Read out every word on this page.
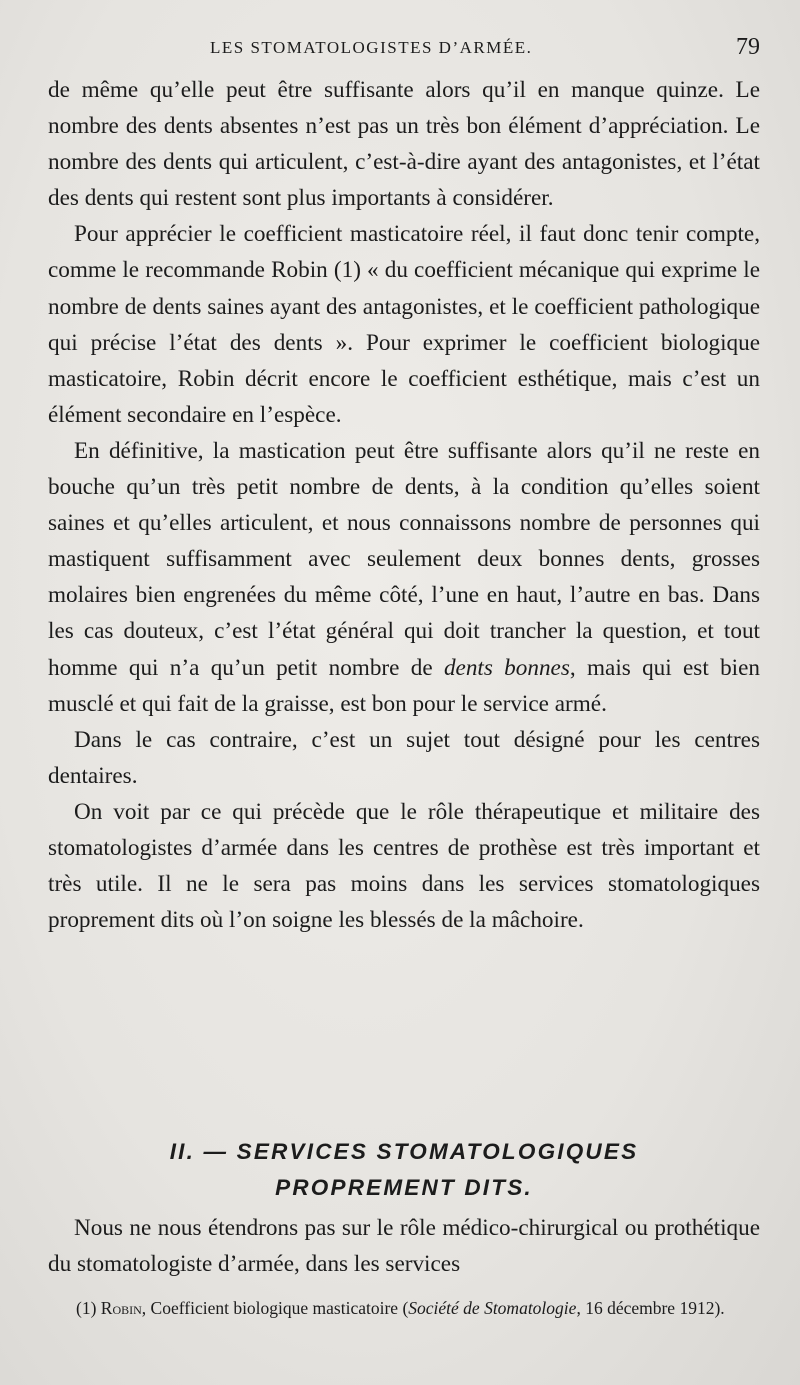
LES STOMATOLOGISTES D’ARMÉE.	79

de même qu’elle peut être suffisante alors qu’il en manque quinze. Le nombre des dents absentes n’est pas un très bon élément d’appréciation. Le nombre des dents qui articulent, c’est-à-dire ayant des antagonistes, et l’état des dents qui restent sont plus importants à considérer.

Pour apprécier le coefficient masticatoire réel, il faut donc tenir compte, comme le recommande Robin (1) « du coefficient mécanique qui exprime le nombre de dents saines ayant des antagonistes, et le coefficient pathologique qui précise l’état des dents ». Pour exprimer le coefficient biologique masticatoire, Robin décrit encore le coefficient esthétique, mais c’est un élément secondaire en l’espèce.

En définitive, la mastication peut être suffisante alors qu’il ne reste en bouche qu’un très petit nombre de dents, à la condition qu’elles soient saines et qu’elles articulent, et nous connaissons nombre de personnes qui mastiquent suffisamment avec seulement deux bonnes dents, grosses molaires bien engrenées du même côté, l’une en haut, l’autre en bas. Dans les cas douteux, c’est l’état général qui doit trancher la question, et tout homme qui n’a qu’un petit nombre de dents bonnes, mais qui est bien musclé et qui fait de la graisse, est bon pour le service armé.

Dans le cas contraire, c’est un sujet tout désigné pour les centres dentaires.

On voit par ce qui précède que le rôle thérapeutique et militaire des stomatologistes d’armée dans les centres de prothèse est très important et très utile. Il ne le sera pas moins dans les services stomatologiques proprement dits où l’on soigne les blessés de la mâchoire.

II. — SERVICES STOMATOLOGIQUES
PROPREMENT DITS.

Nous ne nous étendrons pas sur le rôle médico-chirurgical ou prothétique du stomatologiste d’armée, dans les services

(1) Robin, Coefficient biologique masticatoire (Société de Stomatologie, 16 décembre 1912).
